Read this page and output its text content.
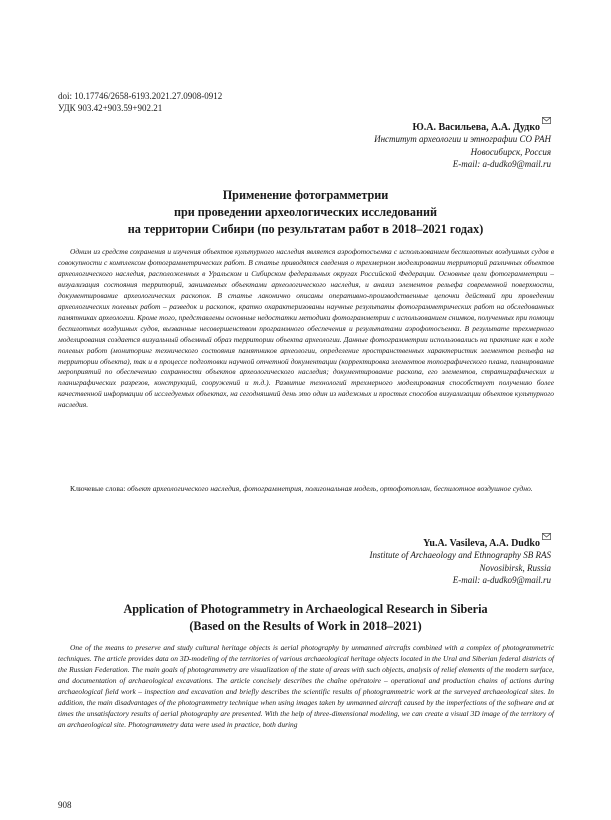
doi: 10.17746/2658-6193.2021.27.0908-0912
УДК 903.42+903.59+902.21
Ю.А. Васильева, А.А. Дудко
Институт археологии и этнографии СО РАН
Новосибирск, Россия
E-mail: a-dudko9@mail.ru
Применение фотограмметрии
при проведении археологических исследований
на территории Сибири (по результатам работ в 2018–2021 годах)

Одним из средств сохранения и изучения объектов культурного наследия является аэрофотосъемка с использованием беспилотных воздушных судов в совокупности с комплексом фотограмметрических работ. В статье приводятся сведения о трехмерном моделировании территорий различных объектов археологического наследия, расположенных в Уральском и Сибирском федеральных округах Российской Федерации. Основные цели фотограмметрии – визуализация состояния территорий, занимаемых объектами археологического наследия, и анализ элементов рельефа современной поверхности, документирование археологических раскопок. В статье лаконично описаны оперативно-производственные цепочки действий при проведении археологических полевых работ – разведок и раскопок, кратко охарактеризованы научные результаты фотограмметрических работ на обследованных памятниках археологии. Кроме того, представлены основные недостатки методики фотограмметрии с использованием снимков, полученных при помощи беспилотных воздушных судов, вызванные несовершенством программного обеспечения и результатами аэрофотосъемки. В результате трехмерного моделирования создается визуальный объемный образ территории объекта археологии. Данные фотограмметрии использовались на практике как в ходе полевых работ (мониторинг технического состояния памятников археологии, определение пространственных характеристик элементов рельефа на территории объекта), так и в процессе подготовки научной отчетной документации (корректировка элементов топографического плана, планирование мероприятий по обеспечению сохранности объектов археологического наследия; документирование раскопа, его элементов, стратиграфических и планиграфических разрезов, конструкций, сооружений и т.д.). Развитие технологий трехмерного моделирования способствует получению более качественной информации об исследуемых объектах, на сегодняшний день это один из надежных и простых способов визуализации объектов культурного наследия.

Ключевые слова: объект археологического наследия, фотограмметрия, полигональная модель, ортофотоплан, беспилотное воздушное судно.

Yu.A. Vasileva, A.A. Dudko
Institute of Archaeology and Ethnography SB RAS
Novosibirsk, Russia
E-mail: a-dudko9@mail.ru
Application of Photogrammetry in Archaeological Research in Siberia
(Based on the Results of Work in 2018–2021)

One of the means to preserve and study cultural heritage objects is aerial photography by unmanned aircrafts combined with a complex of photogrammetric techniques. The article provides data on 3D-modeling of the territories of various archaeological heritage objects located in the Ural and Siberian federal districts of the Russian Federation. The main goals of photogrammetry are visualization of the state of areas with such objects, analysis of relief elements of the modern surface, and documentation of archaeological excavations. The article concisely describes the chaîne opératoire – operational and production chains of actions during archaeological field work – inspection and excavation and briefly describes the scientific results of photogrammetric work at the surveyed archaeological sites. In addition, the main disadvantages of the photogrammetry technique when using images taken by unmanned aircraft caused by the imperfections of the software and at times the unsatisfactory results of aerial photography are presented. With the help of three-dimensional modeling, we can create a visual 3D image of the territory of an archaeological site. Photogrammetry data were used in practice, both during

908
